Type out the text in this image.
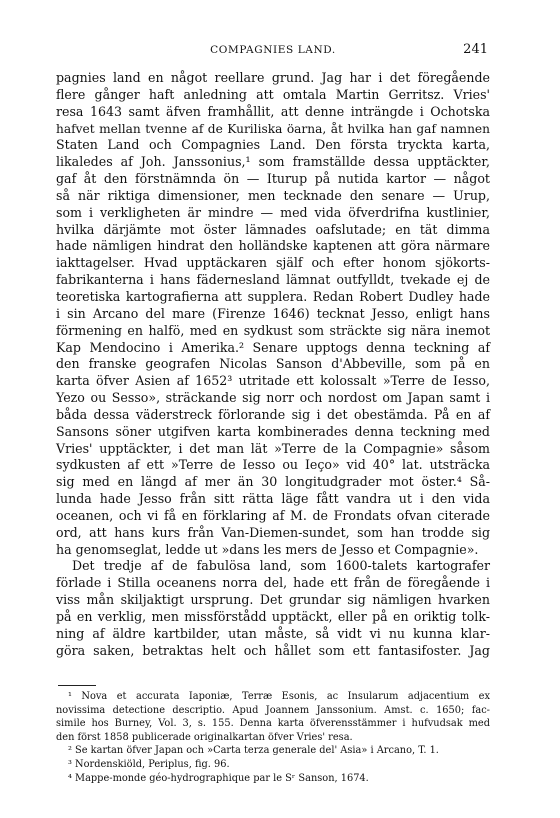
COMPAGNIES LAND.	241
pagnies land en något reellare grund. Jag har i det föregående
flere gånger haft anledning att omtala Martin Gerritsz. Vries'
resa 1643 samt äfven framhållit, att denne inträngde i Ochotska
hafvet mellan tvenne af de Kuriliska öarna, åt hvilka han gaf namnen
Staten Land och Compagnies Land. Den första tryckta karta,
likaledes af Joh. Janssonius,¹ som framställde dessa upptäckter,
gaf åt den förstnämnda ön — Iturup på nutida kartor — något
så när riktiga dimensioner, men tecknade den senare — Urup,
som i verkligheten är mindre — med vida öfverdrifna kustlinier,
hvilka därjämte mot öster lämnades oafslutade; en tät dimma
hade nämligen hindrat den holländske kaptenen att göra närmare
iakttagelser. Hvad upptäckaren själf och efter honom sjökorts-
fabrikanterna i hans fädernesland lämnat outfylldt, tvekade ej de
teoretiska kartografierna att supplera. Redan Robert Dudley hade
i sin Arcano del mare (Firenze 1646) tecknat Jesso, enligt hans
förmening en halfö, med en sydkust som sträckte sig nära inemot
Kap Mendocino i Amerika.² Senare upptogs denna teckning af
den franske geografen Nicolas Sanson d'Abbeville, som på en
karta öfver Asien af 1652³ utritade ett kolossalt »Terre de Iesso,
Yezo ou Sesso», sträckande sig norr och nordost om Japan samt i
båda dessa väderstreck förlorande sig i det obestämda. På en af
Sansons söner utgifven karta kombinerades denna teckning med
Vries' upptäckter, i det man lät »Terre de la Compagnie» såsom
sydkusten af ett »Terre de Iesso ou Ieço» vid 40° lat. utsträcka
sig med en längd af mer än 30 longitudgrader mot öster.⁴ Så-
lunda hade Jesso från sitt rätta läge fått vandra ut i den vida
oceanen, och vi få en förklaring af M. de Frondats ofvan citerade
ord, att hans kurs från Van-Diemen-sundet, som han trodde sig
ha genomseglat, ledde ut »dans les mers de Jesso et Compagnie».
Det tredje af de fabulösa land, som 1600-talets kartografer
förlade i Stilla oceanens norra del, hade ett från de föregående i
viss mån skiljaktigt ursprung. Det grundar sig nämligen hvarken
på en verklig, men missförstådd upptäckt, eller på en oriktig tolk-
ning af äldre kartbilder, utan måste, så vidt vi nu kunna klar-
göra saken, betraktas helt och hållet som ett fantasifoster. Jag
¹ Nova et accurata Iaponiæ, Terræ Esonis, ac Insularum adjacentium ex
novissima detectione descriptio. Apud Joannem Janssonium. Amst. c. 1650; fac-
simile hos Burney, Vol. 3, s. 155. Denna karta öfverensstämmer i hufvudsak med
den först 1858 publicerade originalkartan öfver Vries' resa.
² Se kartan öfver Japan och »Carta terza generale del' Asia» i Arcano, T. 1.
³ Nordenskiöld, Periplus, fig. 96.
⁴ Mappe-monde géo-hydrographique par le Sʳ Sanson, 1674.
